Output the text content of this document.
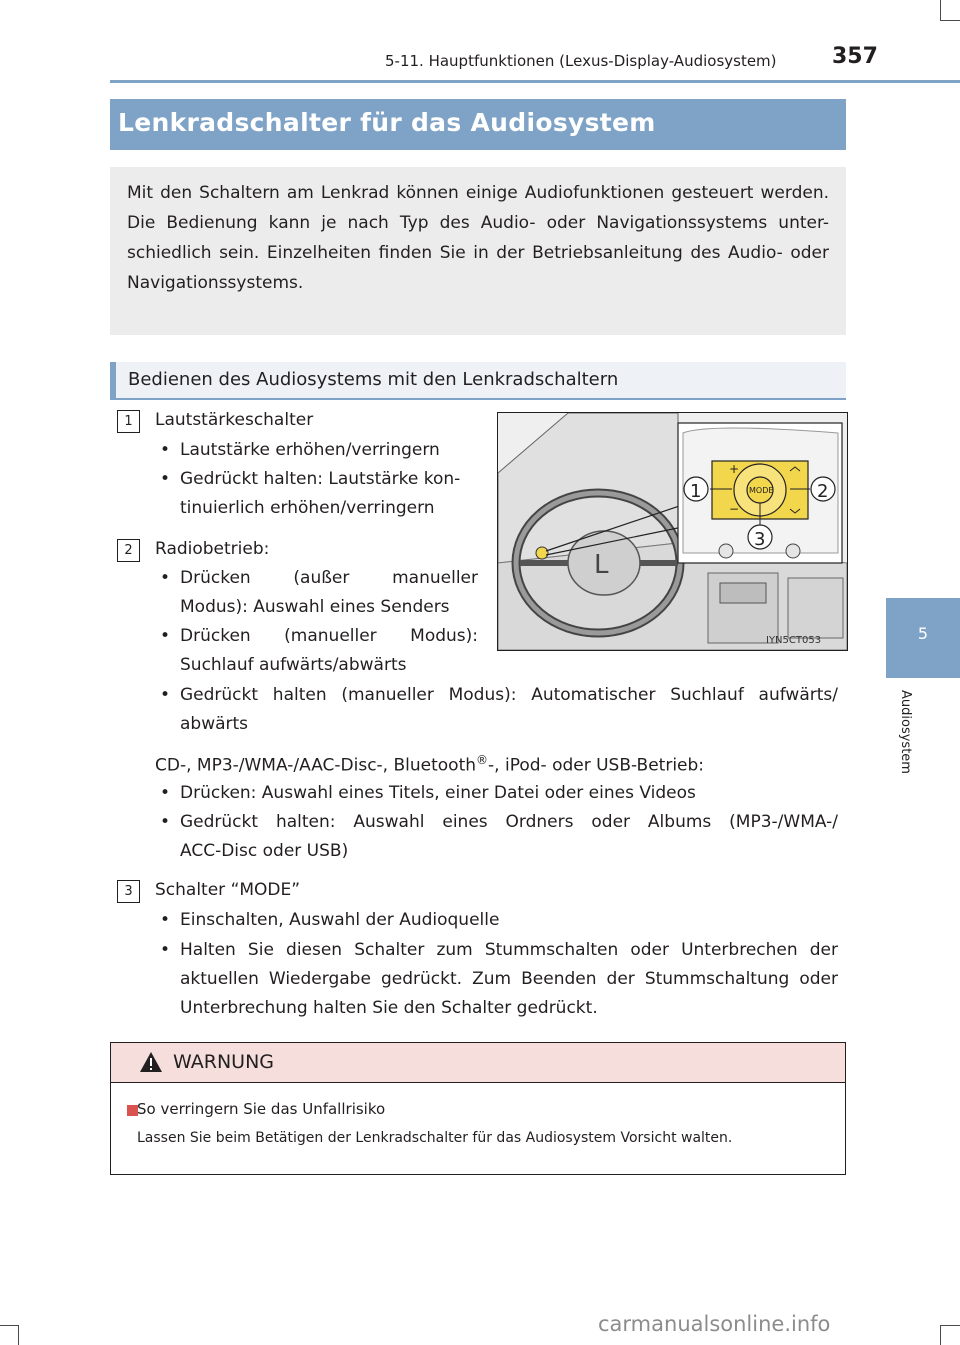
5-11. Hauptfunktionen (Lexus-Display-Audiosystem)	357
5
Audiosystem
Lenkradschalter für das Audiosystem

Mit den Schaltern am Lenkrad können einige Audiofunktionen gesteuert werden. Die Bedienung kann je nach Typ des Audio- oder Navigationssystems unter-schiedlich sein. Einzelheiten finden Sie in der Betriebsanleitung des Audio- oder Navigationssystems.

Bedienen des Audiosystems mit den Lenkradschaltern
1	Lautstärkeschalter
• Lautstärke erhöhen/verringern
• Gedrückt halten: Lautstärke kon-
tinuierlich erhöhen/verringern
2	Radiobetrieb:
• Drücken (außer manueller
Modus): Auswahl eines Senders
• Drücken (manueller Modus):
Suchlauf aufwärts/abwärts
• Gedrückt halten (manueller Modus): Automatischer Suchlauf aufwärts/
abwärts
CD-, MP3-/WMA-/AAC-Disc-, Bluetooth®-, iPod- oder USB-Betrieb:
• Drücken: Auswahl eines Titels, einer Datei oder eines Videos
• Gedrückt halten: Auswahl eines Ordners oder Albums (MP3-/WMA-/
ACC-Disc oder USB)
3	Schalter “MODE”
• Einschalten, Auswahl der Audioquelle
• Halten Sie diesen Schalter zum Stummschalten oder Unterbrechen der
aktuellen Wiedergabe gedrückt. Zum Beenden der Stummschaltung oder
Unterbrechung halten Sie den Schalter gedrückt.
L
MODE
+
−
1	2
3
IYN5CT053
WARNUNG
So verringern Sie das Unfallrisiko
Lassen Sie beim Betätigen der Lenkradschalter für das Audiosystem Vorsicht walten.
carmanualsonline.info
